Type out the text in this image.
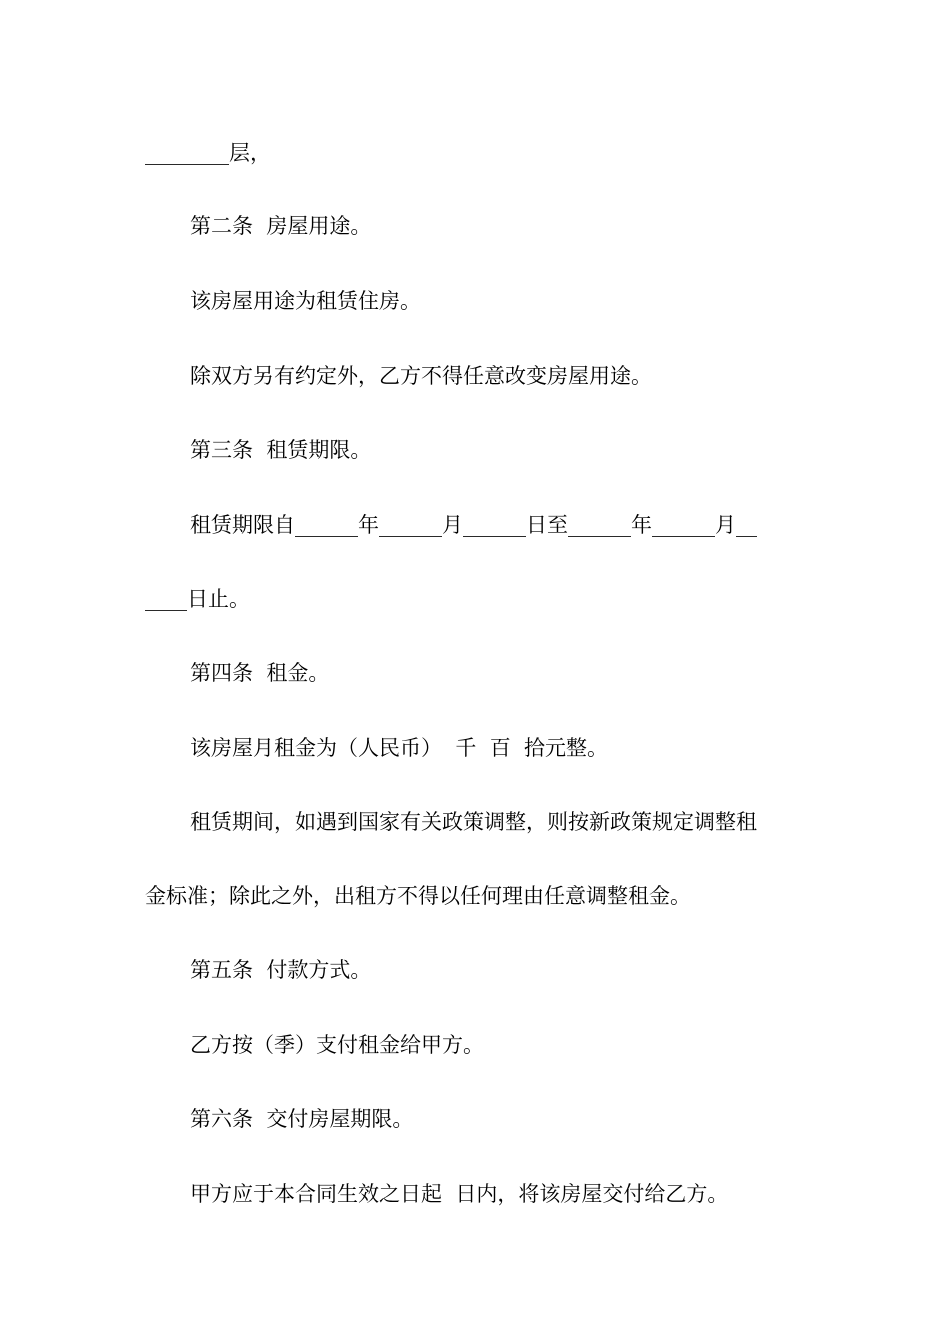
________层，
第二条  房屋用途。
该房屋用途为租赁住房。
除双方另有约定外，乙方不得任意改变房屋用途。
第三条  租赁期限。
租赁期限自______年______月______日至______年______月__
____日止。
第四条  租金。
该房屋月租金为（人民币）  千  百  拾元整。
租赁期间，如遇到国家有关政策调整，则按新政策规定调整租
金标准；除此之外，出租方不得以任何理由任意调整租金。
第五条  付款方式。
乙方按（季）支付租金给甲方。
第六条  交付房屋期限。
甲方应于本合同生效之日起  日内，将该房屋交付给乙方。
